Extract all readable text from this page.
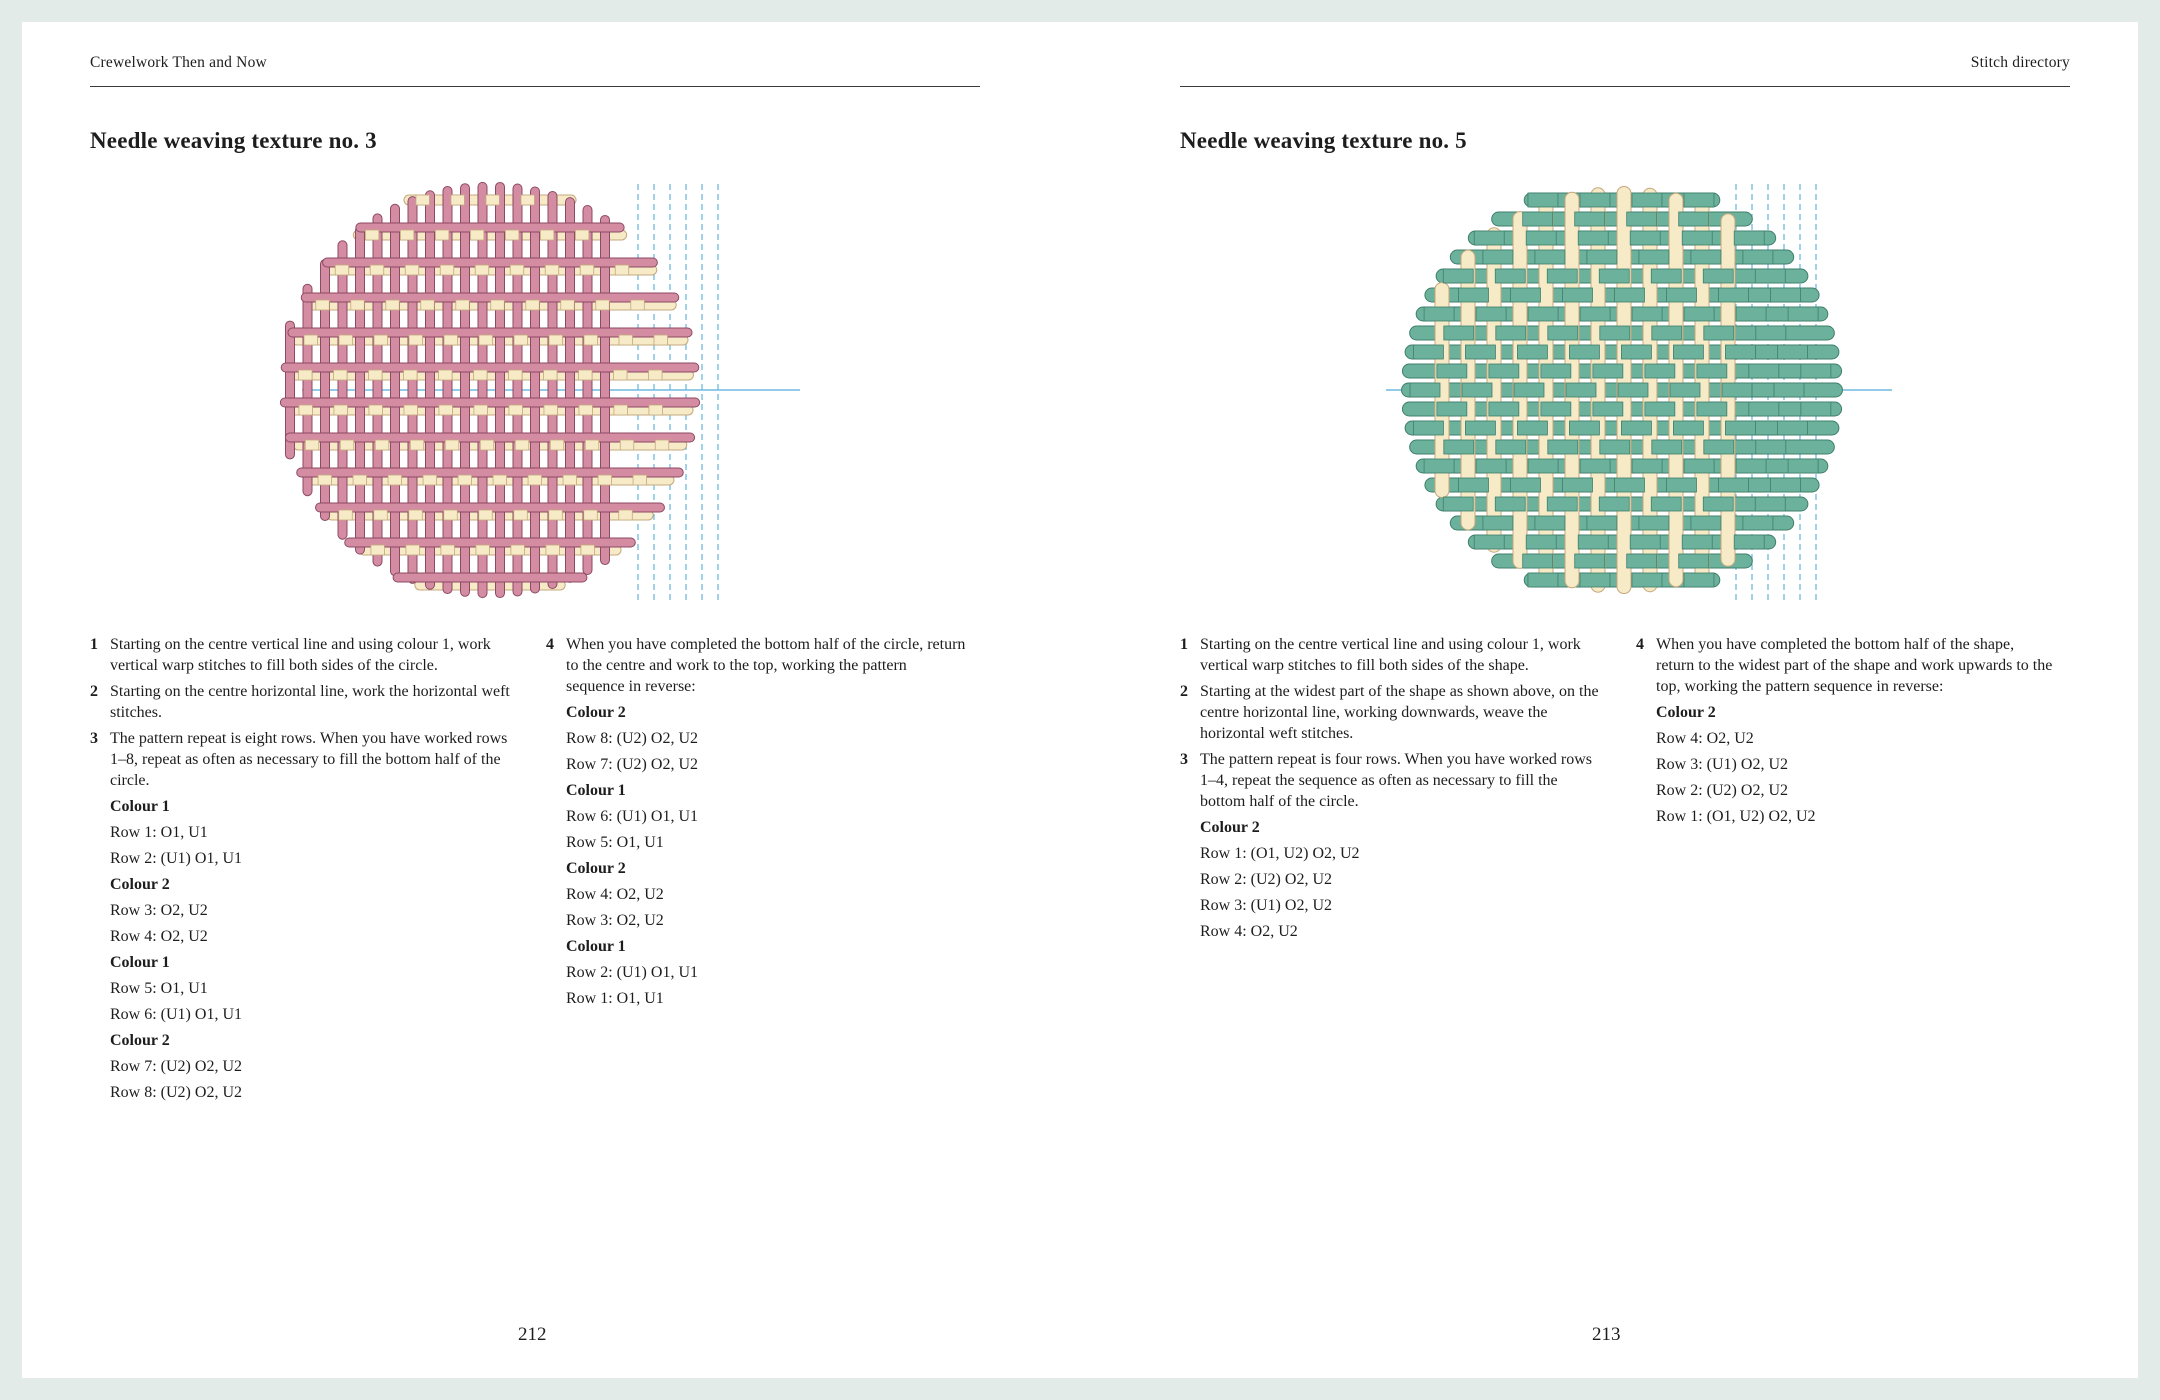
Crewelwork Then and Now
Needle weaving texture no. 3
1 Starting on the centre vertical line and using colour 1, work vertical warp stitches to fill both sides of the circle.
2 Starting on the centre horizontal line, work the horizontal weft stitches.
3 The pattern repeat is eight rows. When you have worked rows 1–8, repeat as often as necessary to fill the bottom half of the circle.
Colour 1
Row 1: O1, U1
Row 2: (U1) O1, U1
Colour 2
Row 3: O2, U2
Row 4: O2, U2
Colour 1
Row 5: O1, U1
Row 6: (U1) O1, U1
Colour 2
Row 7: (U2) O2, U2
Row 8: (U2) O2, U2
4 When you have completed the bottom half of the circle, return to the centre and work to the top, working the pattern sequence in reverse:
Colour 2
Row 8: (U2) O2, U2
Row 7: (U2) O2, U2
Colour 1
Row 6: (U1) O1, U1
Row 5: O1, U1
Colour 2
Row 4: O2, U2
Row 3: O2, U2
Colour 1
Row 2: (U1) O1, U1
Row 1: O1, U1
212
Stitch directory
Needle weaving texture no. 5
1 Starting on the centre vertical line and using colour 1, work vertical warp stitches to fill both sides of the shape.
2 Starting at the widest part of the shape as shown above, on the centre horizontal line, working downwards, weave the horizontal weft stitches.
3 The pattern repeat is four rows. When you have worked rows 1–4, repeat the sequence as often as necessary to fill the bottom half of the circle.
Colour 2
Row 1: (O1, U2) O2, U2
Row 2: (U2) O2, U2
Row 3: (U1) O2, U2
Row 4: O2, U2
4 When you have completed the bottom half of the shape, return to the widest part of the shape and work upwards to the top, working the pattern sequence in reverse:
Colour 2
Row 4: O2, U2
Row 3: (U1) O2, U2
Row 2: (U2) O2, U2
Row 1: (O1, U2) O2, U2
213
